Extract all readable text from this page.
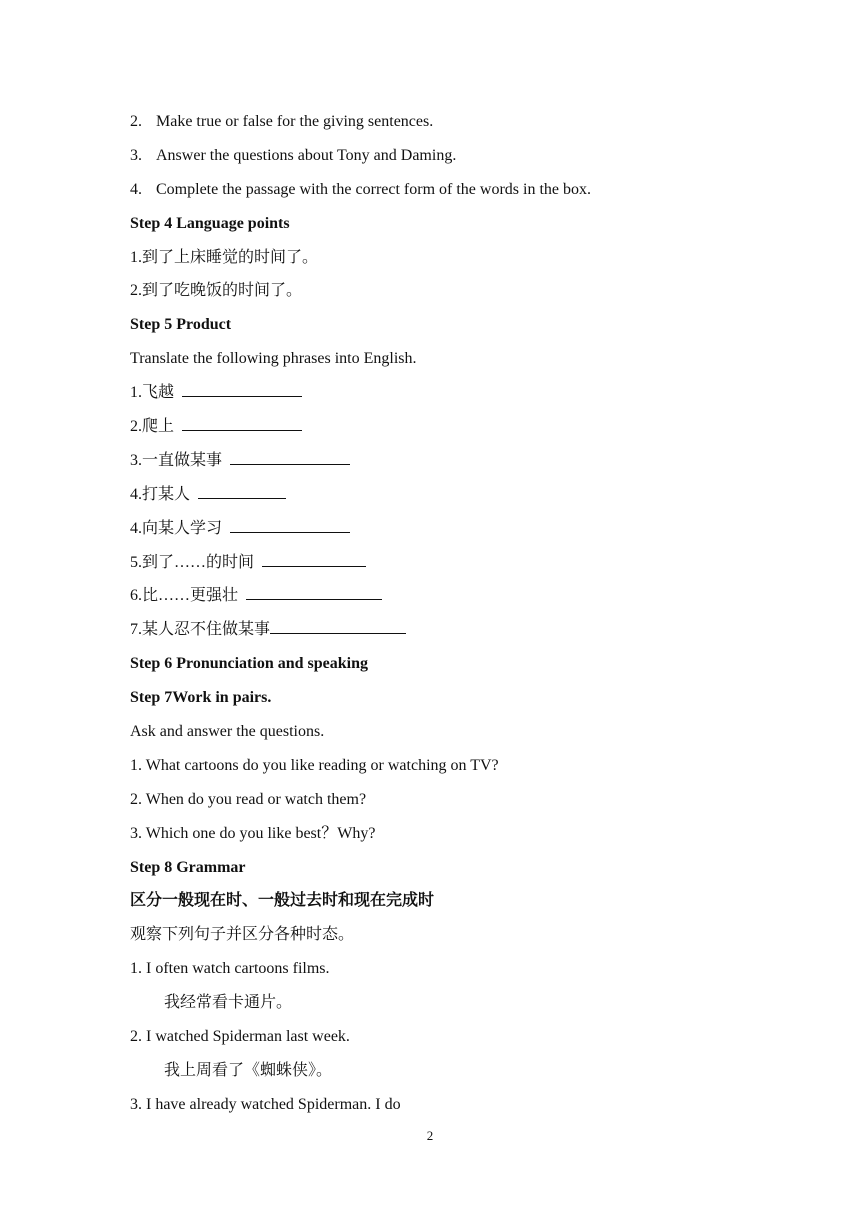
2. Make true or false for the giving sentences.
3. Answer the questions about Tony and Daming.
4. Complete the passage with the correct form of the words in the box.
Step 4 Language points
1.到了上床睡觉的时间了。
2.到了吃晚饭的时间了。
Step 5 Product
Translate the following phrases into English.
1.飞越
2.爬上
3.一直做某事
4.打某人
4.向某人学习
5.到了……的时间
6.比……更强壮
7.某人忍不住做某事
Step 6 Pronunciation and speaking
Step 7Work in pairs.
Ask and answer the questions.
1. What cartoons do you like reading or watching on TV?
2. When do you read or watch them?
3. Which one do you like best？Why?
Step 8 Grammar
区分一般现在时、一般过去时和现在完成时
观察下列句子并区分各种时态。
1. I often watch cartoons films.
我经常看卡通片。
2. I watched Spiderman last week.
我上周看了《蜘蛛侠》。
3. I have already watched Spiderman. I do
2
